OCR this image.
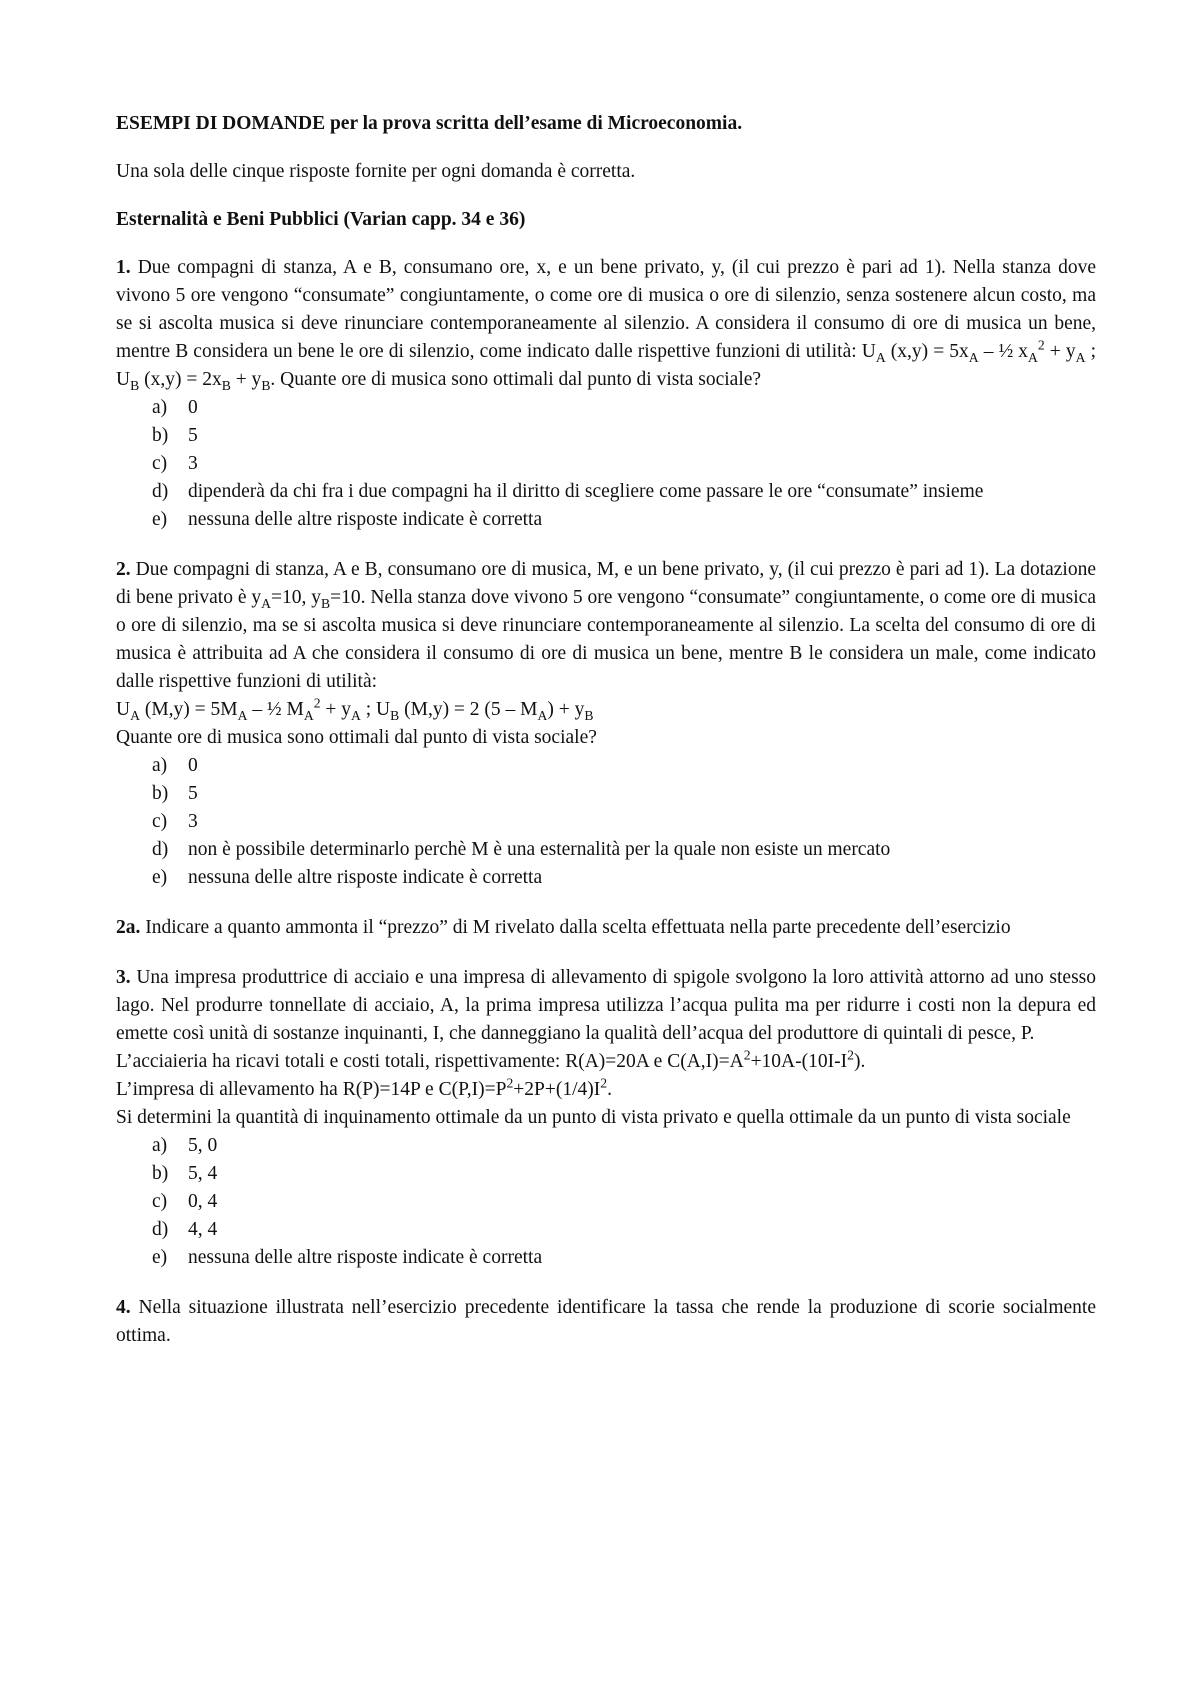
ESEMPI DI DOMANDE per la prova scritta dell’esame di Microeconomia.

Una sola delle cinque risposte fornite per ogni domanda è corretta.

Esternalità e Beni Pubblici (Varian capp. 34 e 36)

1. Due compagni di stanza, A e B, consumano ore, x, e un bene privato, y, (il cui prezzo è pari ad 1). Nella stanza dove vivono 5 ore vengono “consumate” congiuntamente, o come ore di musica o ore di silenzio, senza sostenere alcun costo, ma se si ascolta musica si deve rinunciare contemporaneamente al silenzio. A considera il consumo di ore di musica un bene, mentre B considera un bene le ore di silenzio, come indicato dalle rispettive funzioni di utilità: $U_A$ $(x,y) = 5x_A$ – ½ $x_A^2 + y_A$ ; $U_B$ $(x,y) = 2x_B + y_B$. Quante ore di musica sono ottimali dal punto di vista sociale?

a)	0
b)	5
c)	3
d)	dipenderà da chi fra i due compagni ha il diritto di scegliere come passare le ore “consumate” insieme
e)	nessuna delle altre risposte indicate è corretta

2. Due compagni di stanza, A e B, consumano ore di musica, M, e un bene privato, y, (il cui prezzo è pari ad 1). La dotazione di bene privato è $y_A=10$, $y_B=10$. Nella stanza dove vivono 5 ore vengono “consumate” congiuntamente, o come ore di musica o ore di silenzio, ma se si ascolta musica si deve rinunciare contemporaneamente al silenzio. La scelta del consumo di ore di musica è attribuita ad A che considera il consumo di ore di musica un bene, mentre B le considera un male, come indicato dalle rispettive funzioni di utilità:

$U_A$ $(M,y) = 5M_A$ – ½ $M_A^2 + y_A$ ; $U_B$ (M,y) = 2 $(5 - M_A) + y_B$

Quante ore di musica sono ottimali dal punto di vista sociale?

a)	0
b)	5
c)	3
d)	non è possibile determinarlo perchè M è una esternalità per la quale non esiste un mercato
e)	nessuna delle altre risposte indicate è corretta

2a. Indicare a quanto ammonta il “prezzo” di M rivelato dalla scelta effettuata nella parte precedente dell’esercizio

3. Una impresa produttrice di acciaio e una impresa di allevamento di spigole svolgono la loro attività attorno ad uno stesso lago. Nel produrre tonnellate di acciaio, A, la prima impresa utilizza l’acqua pulita ma per ridurre i costi non la depura ed emette così unità di sostanze inquinanti, I, che danneggiano la qualità dell’acqua del produttore di quintali di pesce, P.

L’acciaieria ha ricavi totali e costi totali, rispettivamente: R(A)=20A e $C(A,I)=A^2+10A-(10I-I^2)$.

L’impresa di allevamento ha R(P)=14P e $C(P,I)=P^2+2P+(1/4)I^2$.

Si determini la quantità di inquinamento ottimale da un punto di vista privato e quella ottimale da un punto di vista sociale

a)	5, 0
b)	5, 4
c)	0, 4
d)	4, 4
e)	nessuna delle altre risposte indicate è corretta

4. Nella situazione illustrata nell’esercizio precedente identificare la tassa che rende la produzione di scorie socialmente ottima.
